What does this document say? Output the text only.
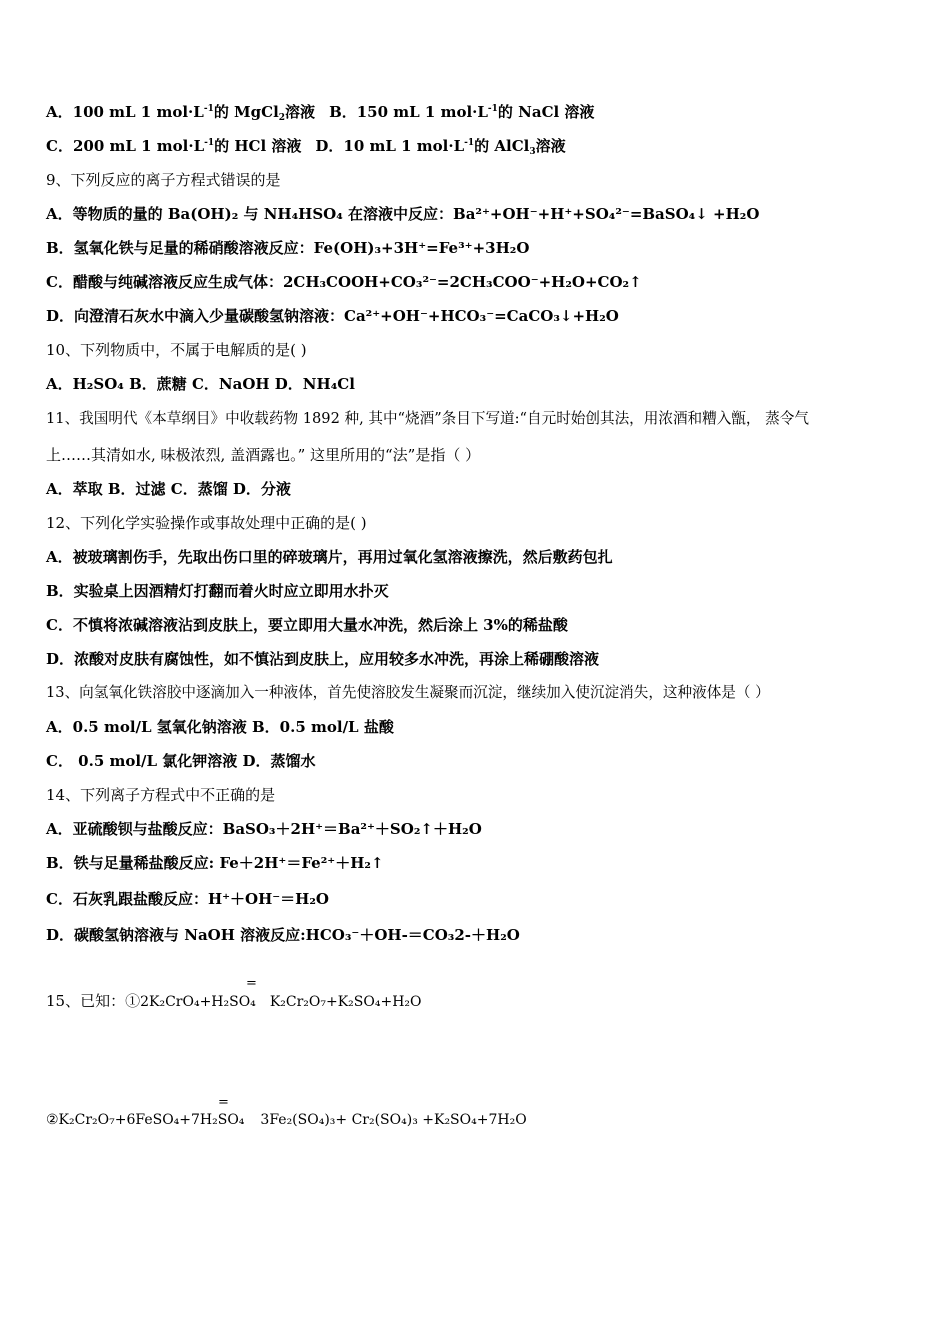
A．100 mL 1 $mol\cdot L^{-1}$的 MgCl$_2$溶液 B．150 mL 1 $mol\cdot L^{-1}$的 NaCl 溶液
C．200 mL 1 $mol\cdot L^{-1}$的 HCl 溶液 D．10 mL 1 $mol\cdot L^{-1}$的 AlCl$_3$溶液
9、下列反应的离子方程式错误的是
A．等物质的量的 Ba(OH)₂ 与 NH₄HSO₄ 在溶液中反应：Ba²⁺+OH⁻+H⁺+SO₄²⁻=BaSO₄↓ +H₂O
B．氢氧化铁与足量的稀硝酸溶液反应：Fe(OH)₃+3H⁺=Fe³⁺+3H₂O
C．醋酸与纯碱溶液反应生成气体：2CH₃COOH+CO₃²⁻=2CH₃COO⁻+H₂O+CO₂↑
D．向澄清石灰水中滴入少量碳酸氢钠溶液：Ca²⁺+OH⁻+HCO₃⁻=CaCO₃↓+H₂O
10、下列物质中，不属于电解质的是( )
A．H₂SO₄ B．蔗糖 C．NaOH D．NH₄Cl
11、我国明代《本草纲目》中收载药物 1892 种, 其中“烧酒”条目下写道:“自元时始创其法，用浓酒和糟入甑， 蒸令气
上……其清如水, 味极浓烈, 盖酒露也。” 这里所用的“法”是指（ ）
A．萃取 B．过滤 C．蒸馏 D．分液
12、下列化学实验操作或事故处理中正确的是( )
A．被玻璃割伤手，先取出伤口里的碎玻璃片，再用过氧化氢溶液擦洗，然后敷药包扎
B．实验桌上因酒精灯打翻而着火时应立即用水扑灭
C．不慎将浓碱溶液沾到皮肤上，要立即用大量水冲洗，然后涂上 3%的稀盐酸
D．浓酸对皮肤有腐蚀性，如不慎沾到皮肤上，应用较多水冲洗，再涂上稀硼酸溶液
13、向氢氧化铁溶胶中逐滴加入一种液体，首先使溶胶发生凝聚而沉淀，继续加入使沉淀消失，这种液体是（ ）
A．0.5 mol/L 氢氧化钠溶液 B．0.5 mol/L 盐酸
C． 0.5 mol/L 氯化钾溶液 D．蒸馏水
14、下列离子方程式中不正确的是
A．亚硫酸钡与盐酸反应：BaSO₃＋2H⁺＝Ba²⁺＋SO₂↑＋H₂O
B．铁与足量稀盐酸反应: Fe＋2H⁺＝Fe²⁺＋H₂↑
C．石灰乳跟盐酸反应：H⁺＋OH⁻＝H₂O
D．碳酸氢钠溶液与 NaOH 溶液反应:HCO₃⁻＋OH-＝CO₃2-＋H₂O
15、已知：①2K₂CrO₄+H₂SO₄ K₂Cr₂O₇+K₂SO₄+H₂O
=
②K₂Cr₂O₇+6FeSO₄+7H₂SO₄ 3Fe₂(SO₄)₃+ Cr₂(SO₄)₃ +K₂SO₄+7H₂O
=
